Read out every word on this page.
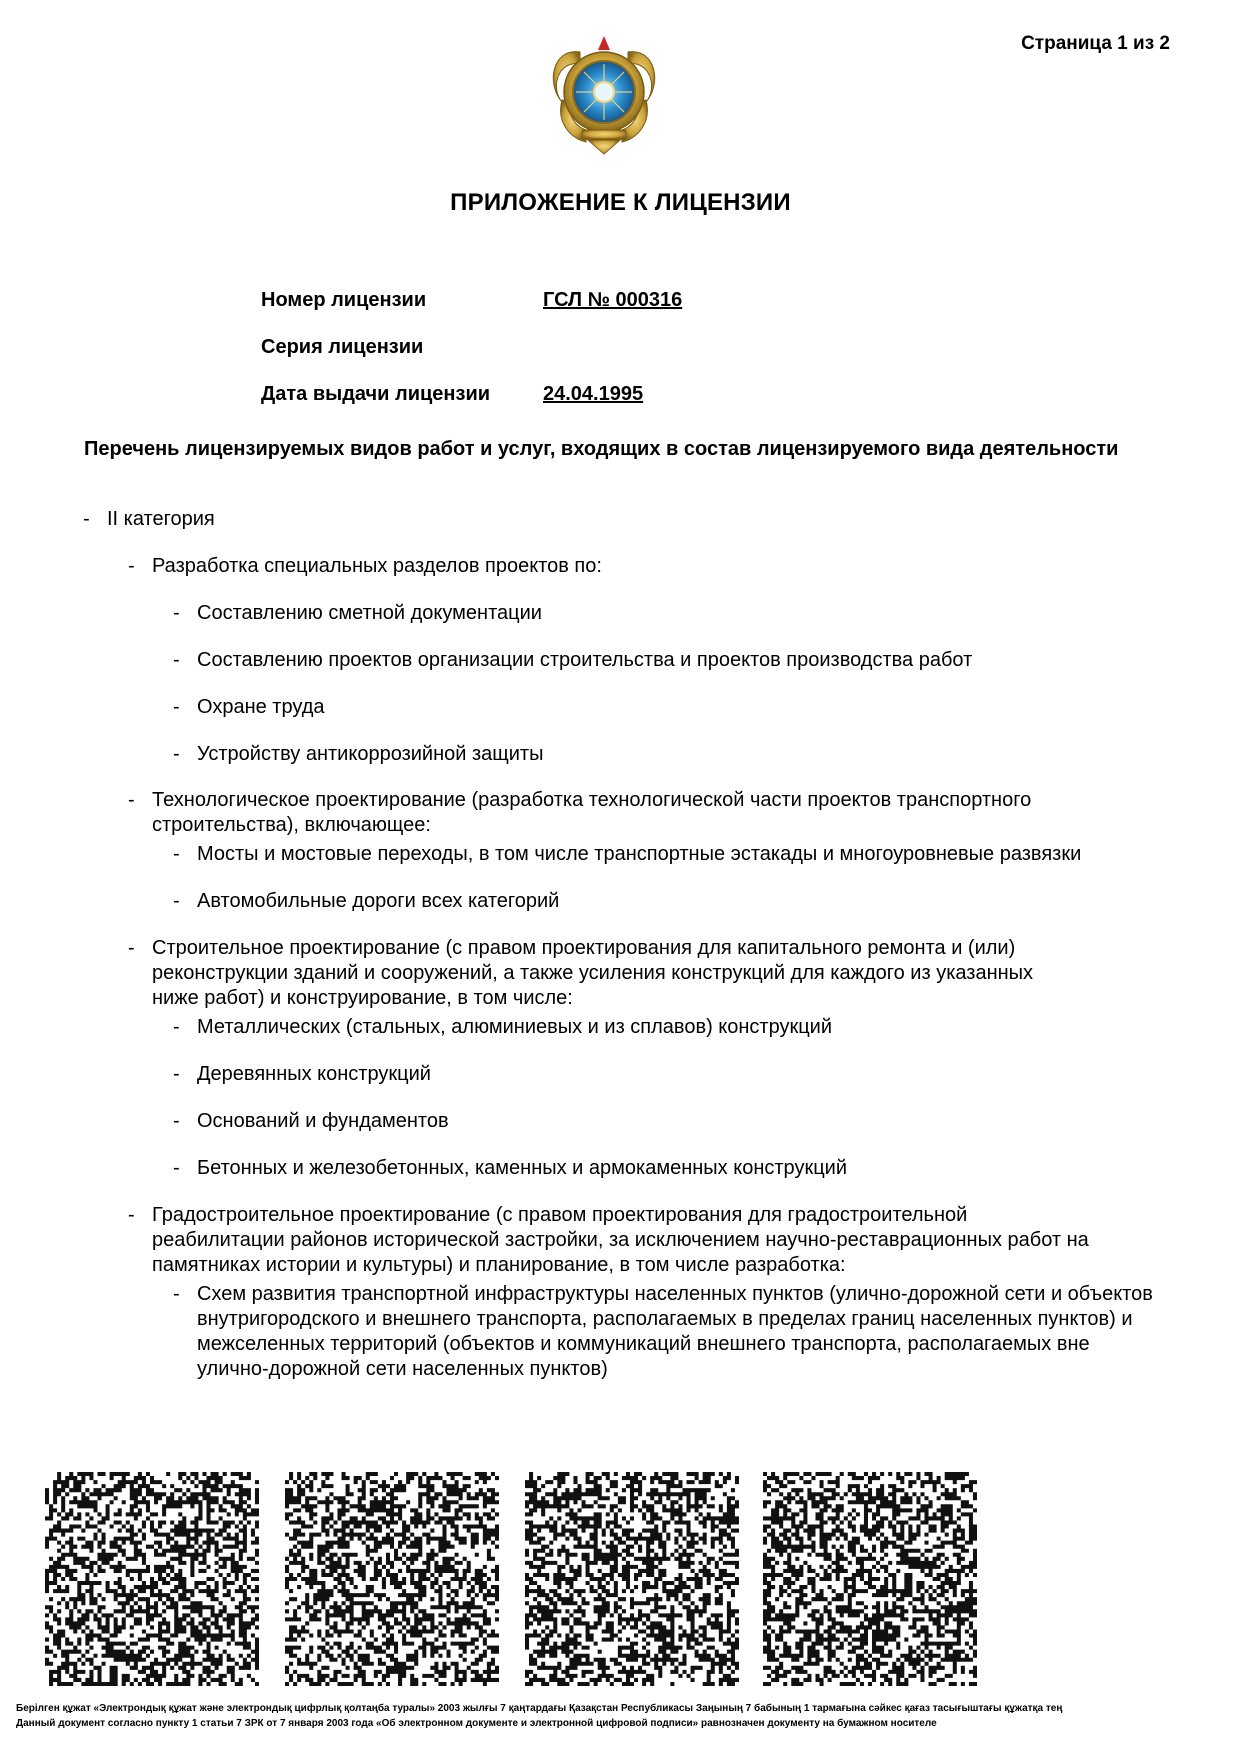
Страница 1 из 2
ПРИЛОЖЕНИЕ К ЛИЦЕНЗИИ
Номер лицензии	ГСЛ № 000316
Серия лицензии
Дата выдачи лицензии	24.04.1995
Перечень лицензируемых видов работ и услуг, входящих в состав лицензируемого вида деятельности
- II категория
- Разработка специальных разделов проектов по:
- Составлению сметной документации
- Составлению проектов организации строительства и проектов производства работ
- Охране труда
- Устройству антикоррозийной защиты
- Технологическое проектирование (разработка технологической части проектов транспортного
строительства), включающее:
- Мосты и мостовые переходы, в том числе транспортные эстакады и многоуровневые развязки
- Автомобильные дороги всех категорий
- Строительное проектирование (с правом проектирования для капитального ремонта и (или)
реконструкции зданий и сооружений, а также усиления конструкций для каждого из указанных
ниже работ) и конструирование, в том числе:
- Металлических (стальных, алюминиевых и из сплавов) конструкций
- Деревянных конструкций
- Оснований и фундаментов
- Бетонных и железобетонных, каменных и армокаменных конструкций
- Градостроительное проектирование (с правом проектирования для градостроительной
реабилитации районов исторической застройки, за исключением научно-реставрационных работ на
памятниках истории и культуры) и планирование, в том числе разработка:
- Схем развития транспортной инфраструктуры населенных пунктов (улично-дорожной сети и объектов
внутригородского и внешнего транспорта, располагаемых в пределах границ населенных пунктов) и
межселенных территорий (объектов и коммуникаций внешнего транспорта, располагаемых вне
улично-дорожной сети населенных пунктов)
Берілген құжат «Электрондық құжат және электрондық цифрлық қолтаңба туралы» 2003 жылғы 7 қаңтардағы Қазақстан Республикасы Заңының 7 бабының 1 тармағына сәйкес қағаз тасығыштағы құжатқа тең
Данный документ согласно пункту 1 статьи 7 ЗРК от 7 января 2003 года «Об электронном документе и электронной цифровой подписи» равнозначен документу на бумажном носителе
